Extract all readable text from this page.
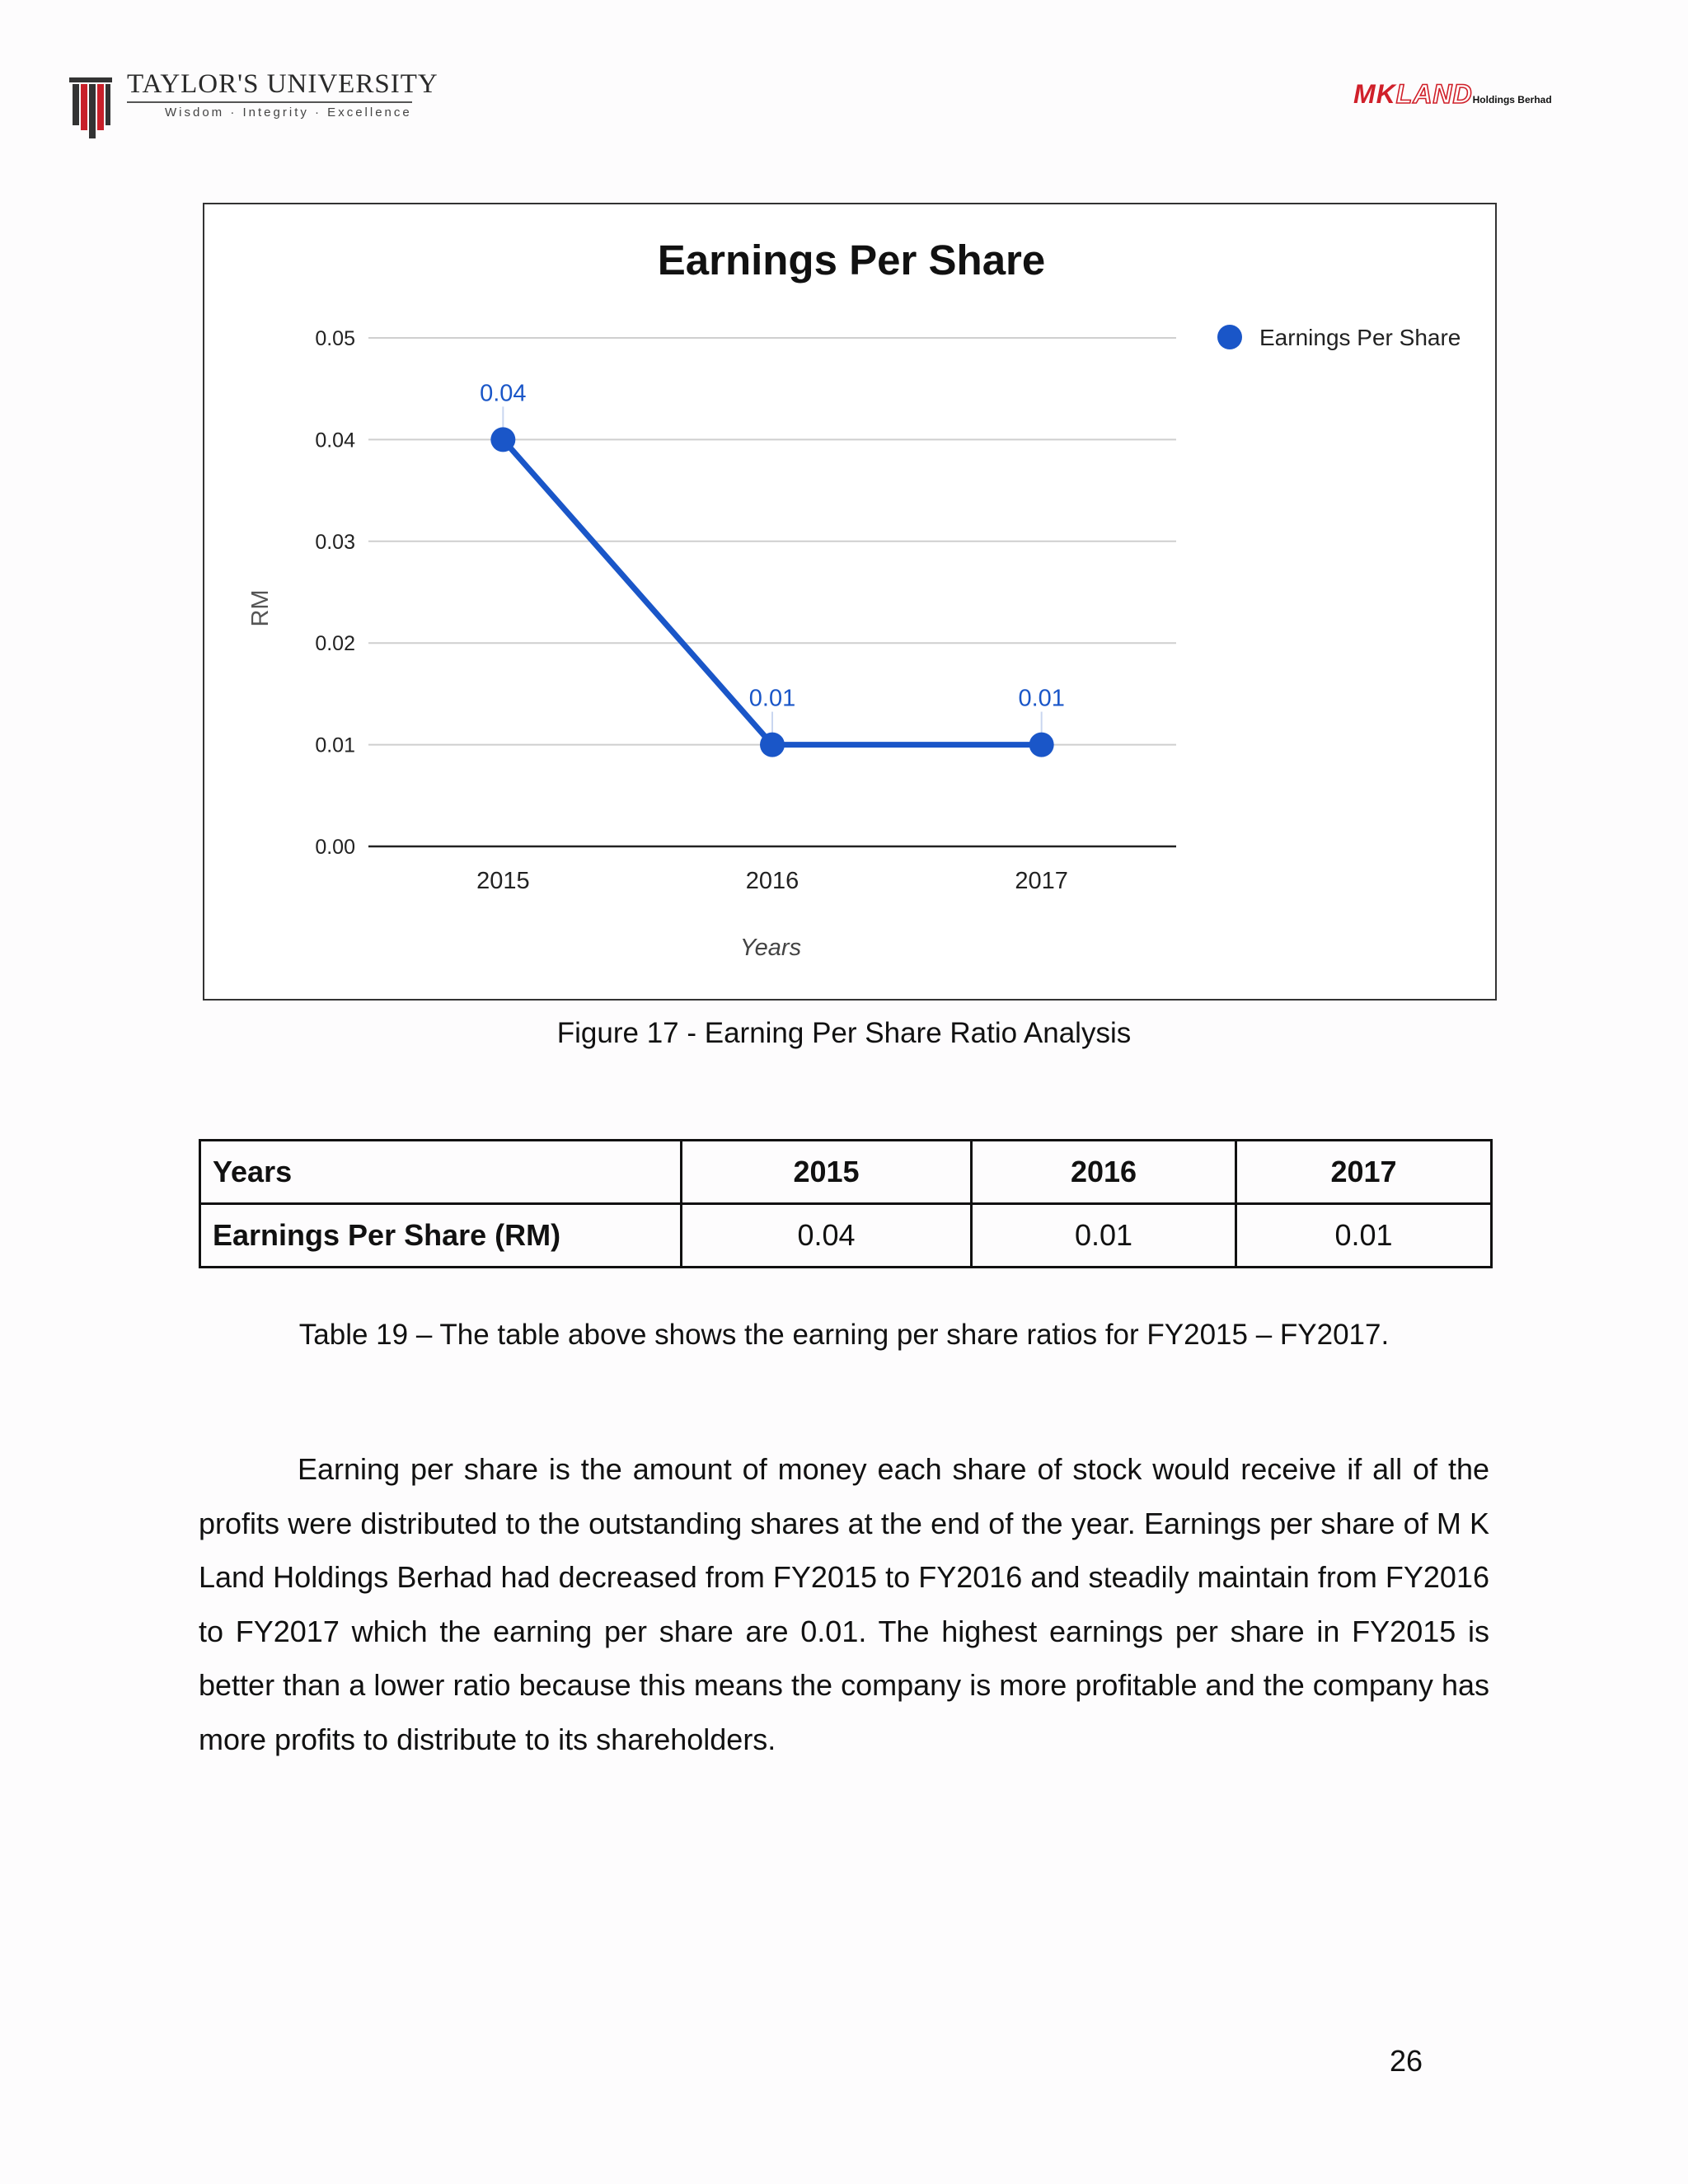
TAYLOR'S UNIVERSITY
Wisdom · Integrity · Excellence
MKLANDHoldings Berhad
Earnings Per Share
0.00
0.01
0.02
0.03
0.04
0.05
2015	2016	2017
0.04
0.01	0.01
RM
Years
Earnings Per Share
Figure 17 - Earning Per Share Ratio Analysis
Years	2015	2016	2017
Earnings Per Share (RM)	0.04	0.01	0.01
Table 19 – The table above shows the earning per share ratios for FY2015 – FY2017.
Earning per share is the amount of money each share of stock would receive if all of the profits were distributed to the outstanding shares at the end of the year. Earnings per share of M K Land Holdings Berhad had decreased from FY2015 to FY2016 and steadily maintain from FY2016 to FY2017 which the earning per share are 0.01. The highest earnings per share in FY2015 is better than a lower ratio because this means the company is more profitable and the company has more profits to distribute to its shareholders.
26
